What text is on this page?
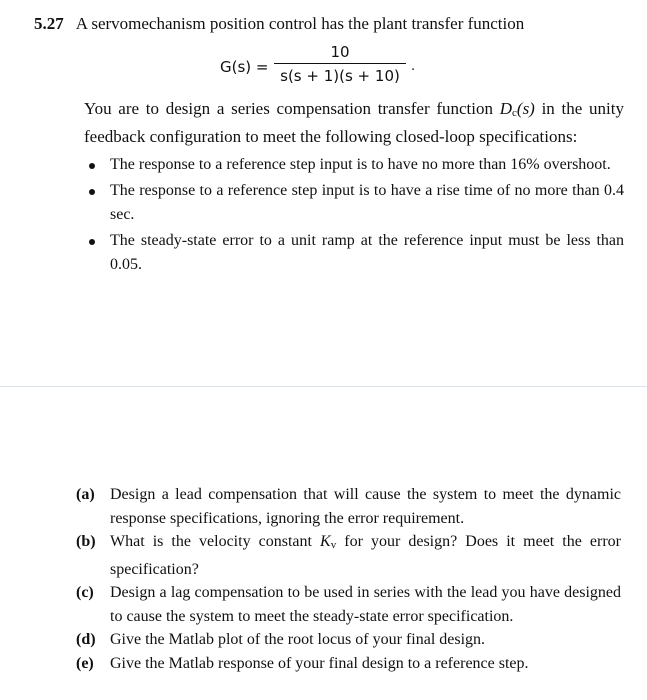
5.27 A servomechanism position control has the plant transfer function
G(s) =
10
s(s + 1)(s + 10) ·
You are to design a series compensation transfer function $D_c(s)$ in the unity feedback configuration to meet the following closed-loop specifications:
The response to a reference step input is to have no more than 16% overshoot.
The response to a reference step input is to have a rise time of no more than 0.4 sec.
The steady-state error to a unit ramp at the reference input must be less than 0.05.
(a) Design a lead compensation that will cause the system to meet the dynamic response specifications, ignoring the error requirement.
(b) What is the velocity constant $K_v$ for your design? Does it meet the error specification?
(c) Design a lag compensation to be used in series with the lead you have designed to cause the system to meet the steady-state error specification.
(d) Give the Matlab plot of the root locus of your final design.
(e) Give the Matlab response of your final design to a reference step.
